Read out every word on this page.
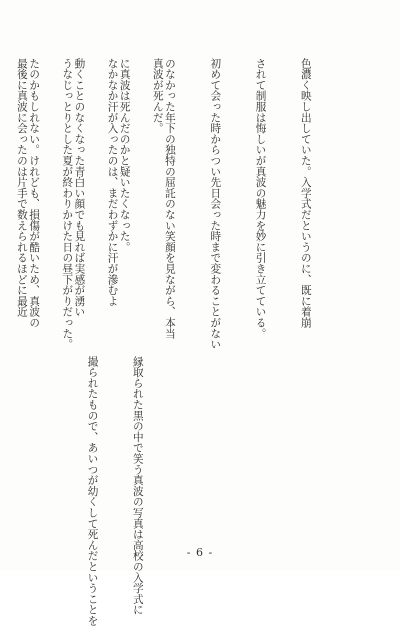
真波が死んだ。

なかなか汗が入ったのは、まだわずかに汗が滲むよ

うなじっとりとした夏が終わりかけた日の昼下がりだった。

最後に真波に会ったのは片手で数えられるほどに最近

縁取られた黒の中で笑う真波の写真は高校の入学式に

撮られたもので、あいつが幼くして死んだということを

色濃く映し出していた。入学式だというのに、既に着崩

されて制服は悔しいが真波の魅力を妙に引き立てている。

初めて会った時からつい先日会った時まで変わることがない

のなかった年下の独特の屈託のない笑顔を見ながら、本当

に真波は死んだのかと疑いたくなった。

動くことのなくなった青白い顔でも見れば実感が湧い

たのかもしれない。けれども、損傷が酷いため、真波の

- 6 -
